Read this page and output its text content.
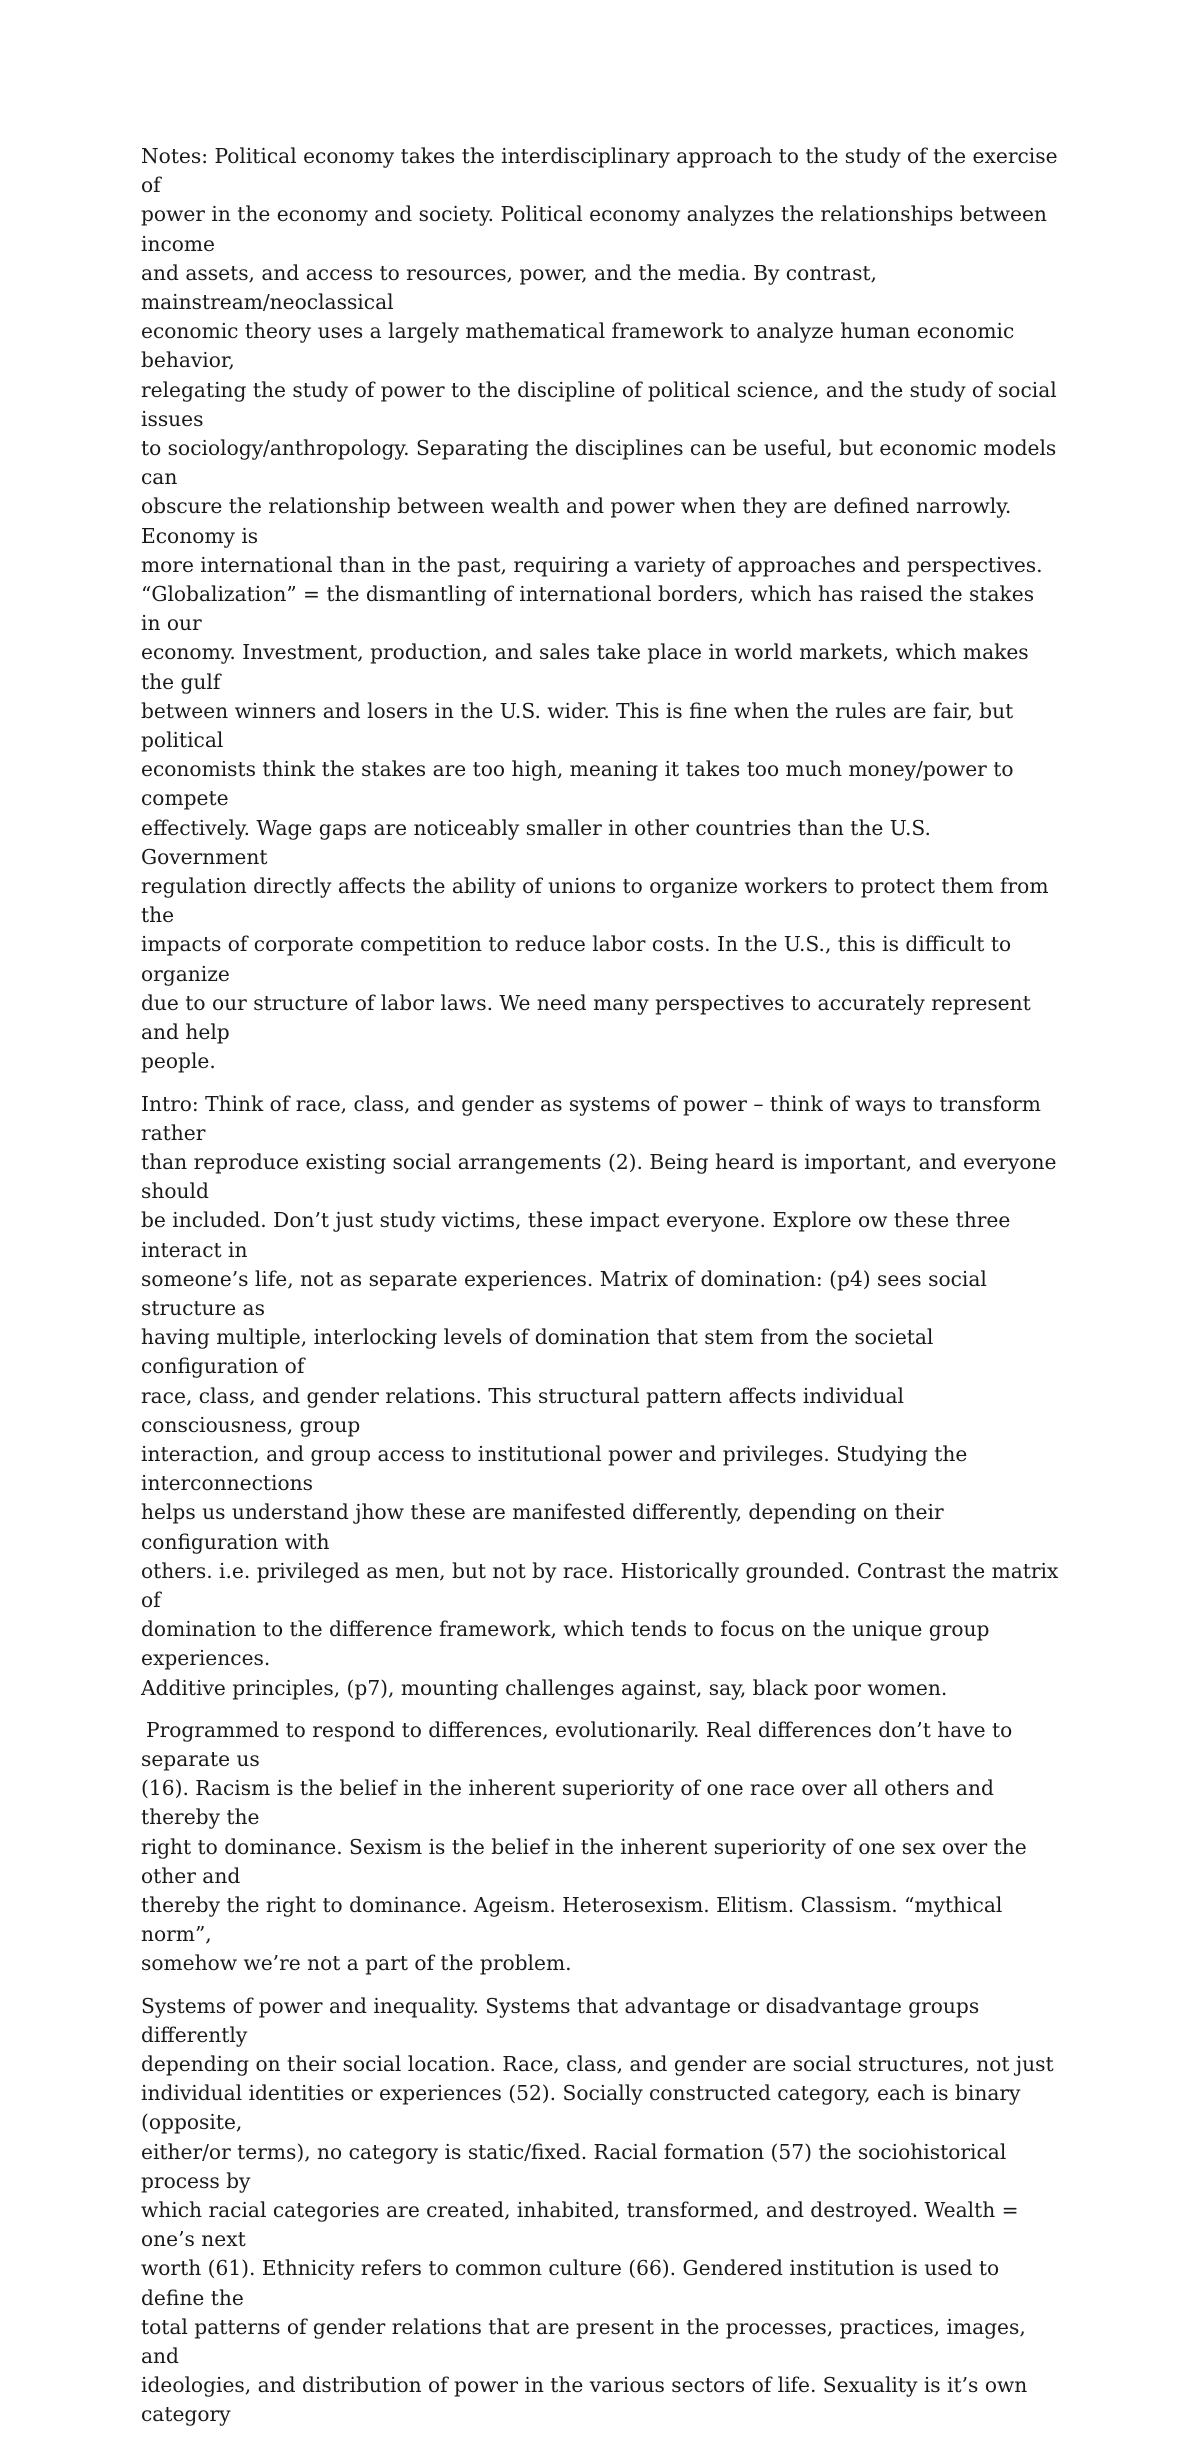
Notes: Political economy takes the interdisciplinary approach to the study of the exercise of
power in the economy and society. Political economy analyzes the relationships between income
and assets, and access to resources, power, and the media. By contrast, mainstream/neoclassical
economic theory uses a largely mathematical framework to analyze human economic behavior,
relegating the study of power to the discipline of political science, and the study of social issues
to sociology/anthropology. Separating the disciplines can be useful, but economic models can
obscure the relationship between wealth and power when they are defined narrowly. Economy is
more international than in the past, requiring a variety of approaches and perspectives.
“Globalization” = the dismantling of international borders, which has raised the stakes in our
economy. Investment, production, and sales take place in world markets, which makes the gulf
between winners and losers in the U.S. wider. This is fine when the rules are fair, but political
economists think the stakes are too high, meaning it takes too much money/power to compete
effectively. Wage gaps are noticeably smaller in other countries than the U.S. Government
regulation directly affects the ability of unions to organize workers to protect them from the
impacts of corporate competition to reduce labor costs. In the U.S., this is difficult to organize
due to our structure of labor laws. We need many perspectives to accurately represent and help
people.

Intro: Think of race, class, and gender as systems of power – think of ways to transform rather
than reproduce existing social arrangements (2). Being heard is important, and everyone should
be included. Don’t just study victims, these impact everyone. Explore ow these three interact in
someone’s life, not as separate experiences. Matrix of domination: (p4) sees social structure as
having multiple, interlocking levels of domination that stem from the societal configuration of
race, class, and gender relations. This structural pattern affects individual consciousness, group
interaction, and group access to institutional power and privileges. Studying the interconnections
helps us understand jhow these are manifested differently, depending on their configuration with
others. i.e. privileged as men, but not by race. Historically grounded. Contrast the matrix of
domination to the difference framework, which tends to focus on the unique group experiences.
Additive principles, (p7), mounting challenges against, say, black poor women.

Programmed to respond to differences, evolutionarily. Real differences don’t have to separate us
(16). Racism is the belief in the inherent superiority of one race over all others and thereby the
right to dominance. Sexism is the belief in the inherent superiority of one sex over the other and
thereby the right to dominance. Ageism. Heterosexism. Elitism. Classism. “mythical norm”,
somehow we’re not a part of the problem.

Systems of power and inequality. Systems that advantage or disadvantage groups differently
depending on their social location. Race, class, and gender are social structures, not just
individual identities or experiences (52). Socially constructed category, each is binary (opposite,
either/or terms), no category is static/fixed. Racial formation (57) the sociohistorical process by
which racial categories are created, inhabited, transformed, and destroyed. Wealth = one’s next
worth (61). Ethnicity refers to common culture (66). Gendered institution is used to define the
total patterns of gender relations that are present in the processes, practices, images, and
ideologies, and distribution of power in the various sectors of life. Sexuality is it’s own category
